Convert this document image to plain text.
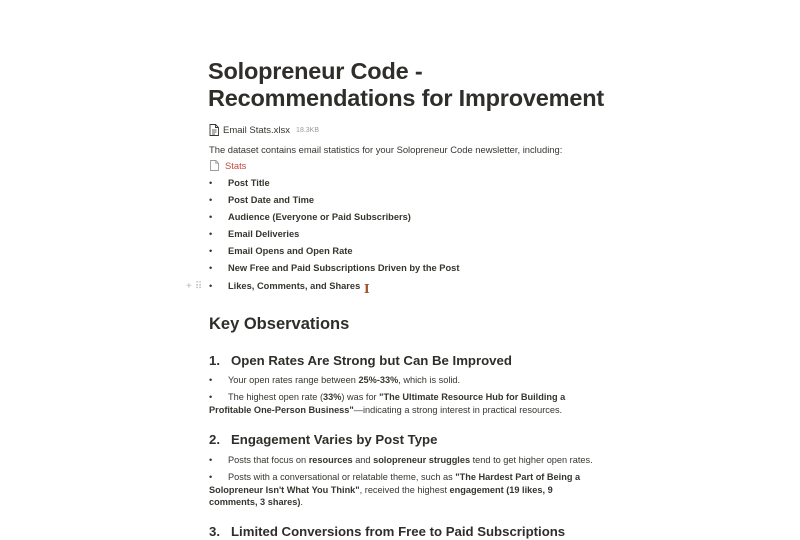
Solopreneur Code -
Recommendations for Improvement
Email Stats.xlsx 18.3KB
The dataset contains email statistics for your Solopreneur Code newsletter, including:
Stats
• Post Title
• Post Date and Time
• Audience (Everyone or Paid Subscribers)
• Email Deliveries
• Email Opens and Open Rate
• New Free and Paid Subscriptions Driven by the Post
• Likes, Comments, and Shares
+⠿	I
Key Observations
1. Open Rates Are Strong but Can Be Improved
• Your open rates range between 25%-33%, which is solid.
• The highest open rate (33%) was for "The Ultimate Resource Hub for Building a Profitable One-Person Business"—indicating a strong interest in practical resources.
2. Engagement Varies by Post Type
• Posts that focus on resources and solopreneur struggles tend to get higher open rates.
• Posts with a conversational or relatable theme, such as "The Hardest Part of Being a Solopreneur Isn't What You Think", received the highest engagement (19 likes, 9 comments, 3 shares).
3. Limited Conversions from Free to Paid Subscriptions
